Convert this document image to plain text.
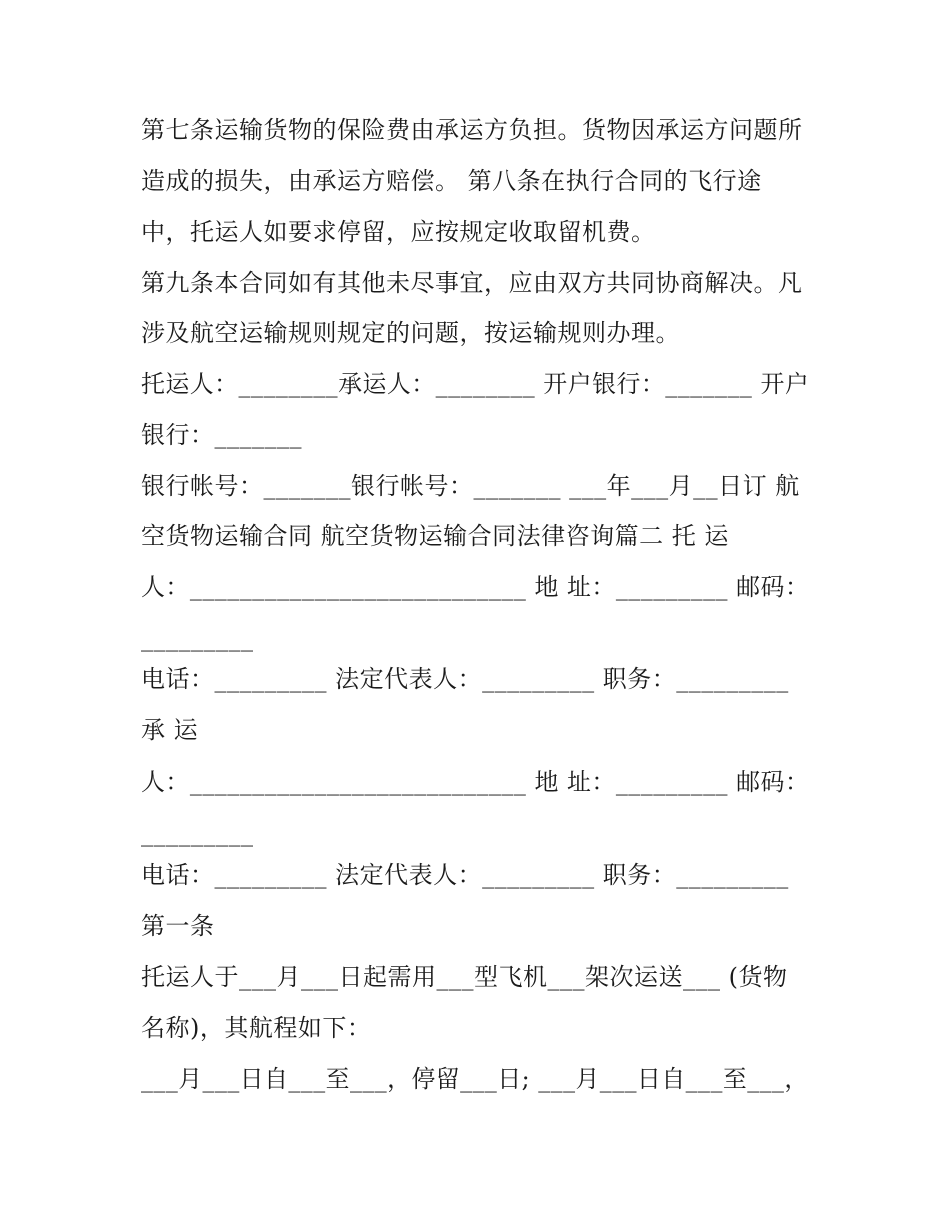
第七条运输货物的保险费由承运方负担。货物因承运方问题所
造成的损失，由承运方赔偿。 第八条在执行合同的飞行途
中，托运人如要求停留，应按规定收取留机费。
第九条本合同如有其他未尽事宜，应由双方共同协商解决。凡
涉及航空运输规则规定的问题，按运输规则办理。
托运人：________承运人：________ 开户银行：_______ 开户
银行：_______
银行帐号：_______银行帐号：_______ ___年___月__日订 航
空货物运输合同 航空货物运输合同法律咨询篇二 托 运
人：___________________________ 地 址：_________ 邮码：
_________
电话：_________ 法定代表人：_________ 职务：_________
承 运
人：___________________________ 地 址：_________ 邮码：
_________
电话：_________ 法定代表人：_________ 职务：_________
第一条
托运人于___月___日起需用___型飞机___架次运送___ (货物
名称)，其航程如下：
___月___日自___至___，停留___日; ___月___日自___至___，
